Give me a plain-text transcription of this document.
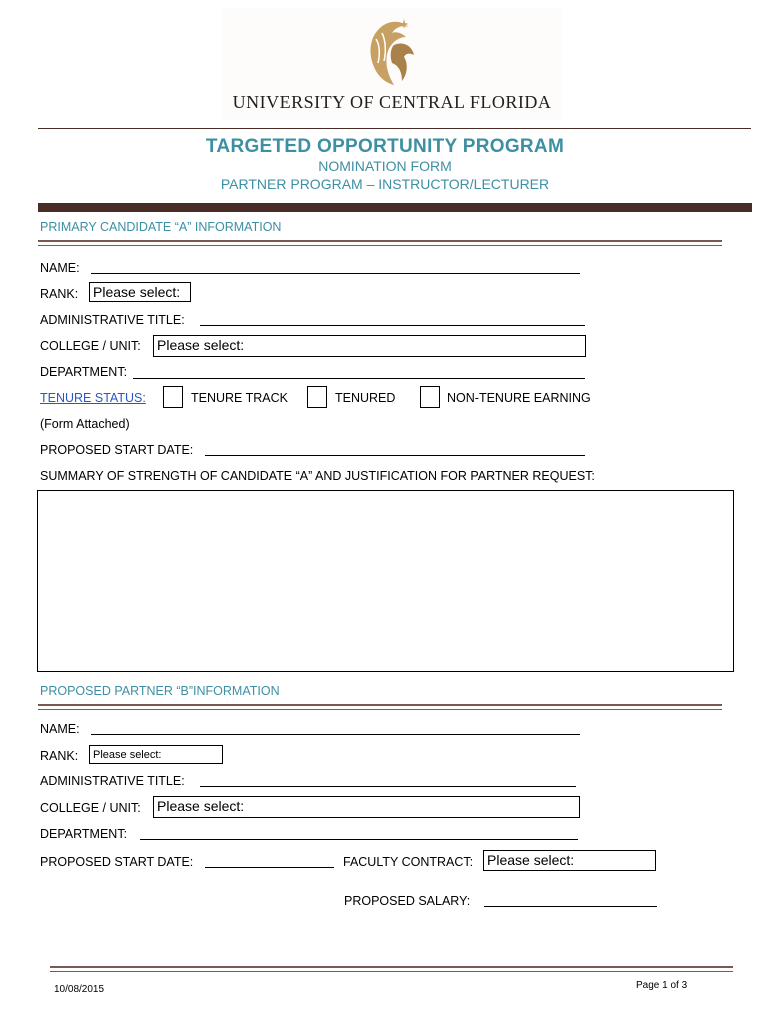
UNIVERSITY OF CENTRAL FLORIDA
TARGETED OPPORTUNITY PROGRAM
NOMINATION FORM
PARTNER PROGRAM – INSTRUCTOR/LECTURER
PRIMARY CANDIDATE “A” INFORMATION
NAME:
RANK: Please select:
ADMINISTRATIVE TITLE:
COLLEGE / UNIT: Please select:
DEPARTMENT:
TENURE STATUS:	TENURE TRACK	TENURED	NON-TENURE EARNING
(Form Attached)
PROPOSED START DATE:
SUMMARY OF STRENGTH OF CANDIDATE “A” AND JUSTIFICATION FOR PARTNER REQUEST:
PROPOSED PARTNER “B”INFORMATION
NAME:
RANK:	Please select:
ADMINISTRATIVE TITLE:
COLLEGE / UNIT: Please select:
DEPARTMENT:
PROPOSED START DATE:	FACULTY CONTRACT: Please select:
PROPOSED SALARY:
10/08/2015	Page 1 of 3
